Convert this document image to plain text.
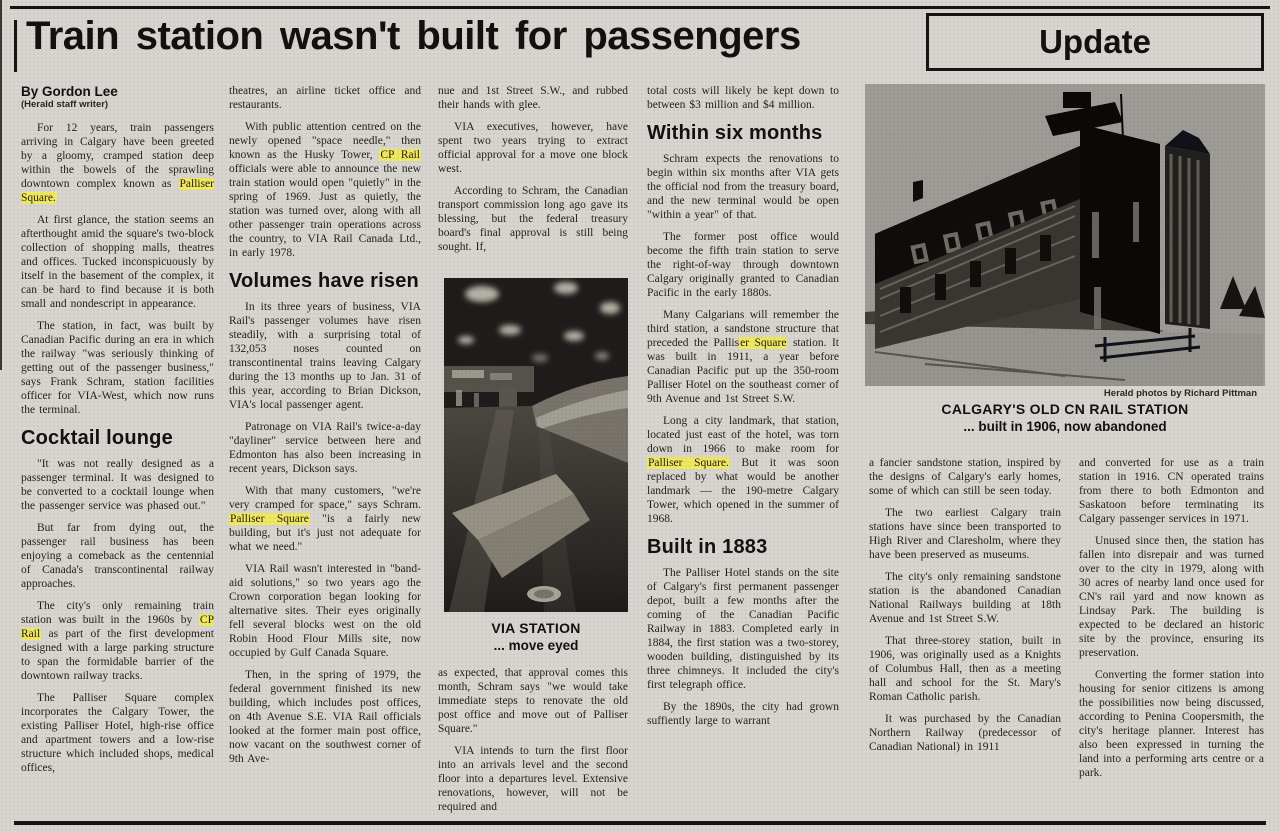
Train station wasn't built for passengers	Update
By Gordon Lee
(Herald staff writer)

For 12 years, train passengers arriving in Calgary have been greeted by a gloomy, cramped station deep within the bowels of the sprawling downtown complex known as Palliser Square.

At first glance, the station seems an afterthought amid the square's two-block collection of shopping malls, theatres and offices. Tucked inconspicuously by itself in the basement of the complex, it can be hard to find because it is both small and nondescript in appearance.

The station, in fact, was built by Canadian Pacific during an era in which the railway "was seriously thinking of getting out of the passenger business," says Frank Schram, station facilities officer for VIA-West, which now runs the terminal.

Cocktail lounge

"It was not really designed as a passenger terminal. It was designed to be converted to a cocktail lounge when the passenger service was phased out."

But far from dying out, the passenger rail business has been enjoying a comeback as the centennial of Canada's transcontinental railway approaches.

The city's only remaining train station was built in the 1960s by CP Rail as part of the first development designed with a large parking structure to span the formidable barrier of the downtown railway tracks.

The Palliser Square complex incorporates the Calgary Tower, the existing Palliser Hotel, high-rise office and apartment towers and a low-rise structure which included shops, medical offices,

theatres, an airline ticket office and restaurants.

With public attention centred on the newly opened "space needle," then known as the Husky Tower, CP Rail officials were able to announce the new train station would open "quietly" in the spring of 1969. Just as quietly, the station was turned over, along with all other passenger train operations across the country, to VIA Rail Canada Ltd., in early 1978.

Volumes have risen

In its three years of business, VIA Rail's passenger volumes have risen steadily, with a surprising total of 132,053 noses counted on transcontinental trains leaving Calgary during the 13 months up to Jan. 31 of this year, according to Brian Dickson, VIA's local passenger agent.

Patronage on VIA Rail's twice-a-day "dayliner" service between here and Edmonton has also been increasing in recent years, Dickson says.

With that many customers, "we're very cramped for space," says Schram. Palliser Square "is a fairly new building, but it's just not adequate for what we need."

VIA Rail wasn't interested in "band-aid solutions," so two years ago the Crown corporation began looking for alternative sites. Their eyes originally fell several blocks west on the old Robin Hood Flour Mills site, now occupied by Gulf Canada Square.

Then, in the spring of 1979, the federal government finished its new building, which includes post offices, on 4th Avenue S.E. VIA Rail officials looked at the former main post office, now vacant on the southwest corner of 9th Ave-

nue and 1st Street S.W., and rubbed their hands with glee.

VIA executives, however, have spent two years trying to extract official approval for a move one block west.

According to Schram, the Canadian transport commission long ago gave its blessing, but the federal treasury board's final approval is still being sought. If,

VIA STATION
... move eyed

as expected, that approval comes this month, Schram says "we would take immediate steps to renovate the old post office and move out of Palliser Square."

VIA intends to turn the first floor into an arrivals level and the second floor into a departures level. Extensive renovations, however, will not be required and

total costs will likely be kept down to between $3 million and $4 million.

Within six months

Schram expects the renovations to begin within six months after VIA gets the official nod from the treasury board, and the new terminal would be open "within a year" of that.

The former post office would become the fifth train station to serve the right-of-way through downtown Calgary originally granted to Canadian Pacific in the early 1880s.

Many Calgarians will remember the third station, a sandstone structure that preceded the Palliser Square station. It was built in 1911, a year before Canadian Pacific put up the 350-room Palliser Hotel on the southeast corner of 9th Avenue and 1st Street S.W.

Long a city landmark, that station, located just east of the hotel, was torn down in 1966 to make room for Palliser Square. But it was soon replaced by what would be another landmark — the 190-metre Calgary Tower, which opened in the summer of 1968.

Built in 1883

The Palliser Hotel stands on the site of Calgary's first permanent passenger depot, built a few months after the coming of the Canadian Pacific Railway in 1883. Completed early in 1884, the first station was a two-storey, wooden building, distinguished by its three chimneys. It included the city's first telegraph office.

By the 1890s, the city had grown suffiently large to warrant

Herald photos by Richard Pittman
CALGARY'S OLD CN RAIL STATION
... built in 1906, now abandoned

a fancier sandstone station, inspired by the designs of Calgary's early homes, some of which can still be seen today.

The two earliest Calgary train stations have since been transported to High River and Claresholm, where they have been preserved as museums.

The city's only remaining sandstone station is the abandoned Canadian National Railways building at 18th Avenue and 1st Street S.W.

That three-storey station, built in 1906, was originally used as a Knights of Columbus Hall, then as a meeting hall and school for the St. Mary's Roman Catholic parish.

It was purchased by the Canadian Northern Railway (predecessor of Canadian National) in 1911

and converted for use as a train station in 1916. CN operated trains from there to both Edmonton and Saskatoon before terminating its Calgary passenger services in 1971.

Unused since then, the station has fallen into disrepair and was turned over to the city in 1979, along with 30 acres of nearby land once used for CN's rail yard and now known as Lindsay Park. The building is expected to be declared an historic site by the province, ensuring its preservation.

Converting the former station into housing for senior citizens is among the possibilities now being discussed, according to Penina Coopersmith, the city's heritage planner. Interest has also been expressed in turning the land into a performing arts centre or a park.
